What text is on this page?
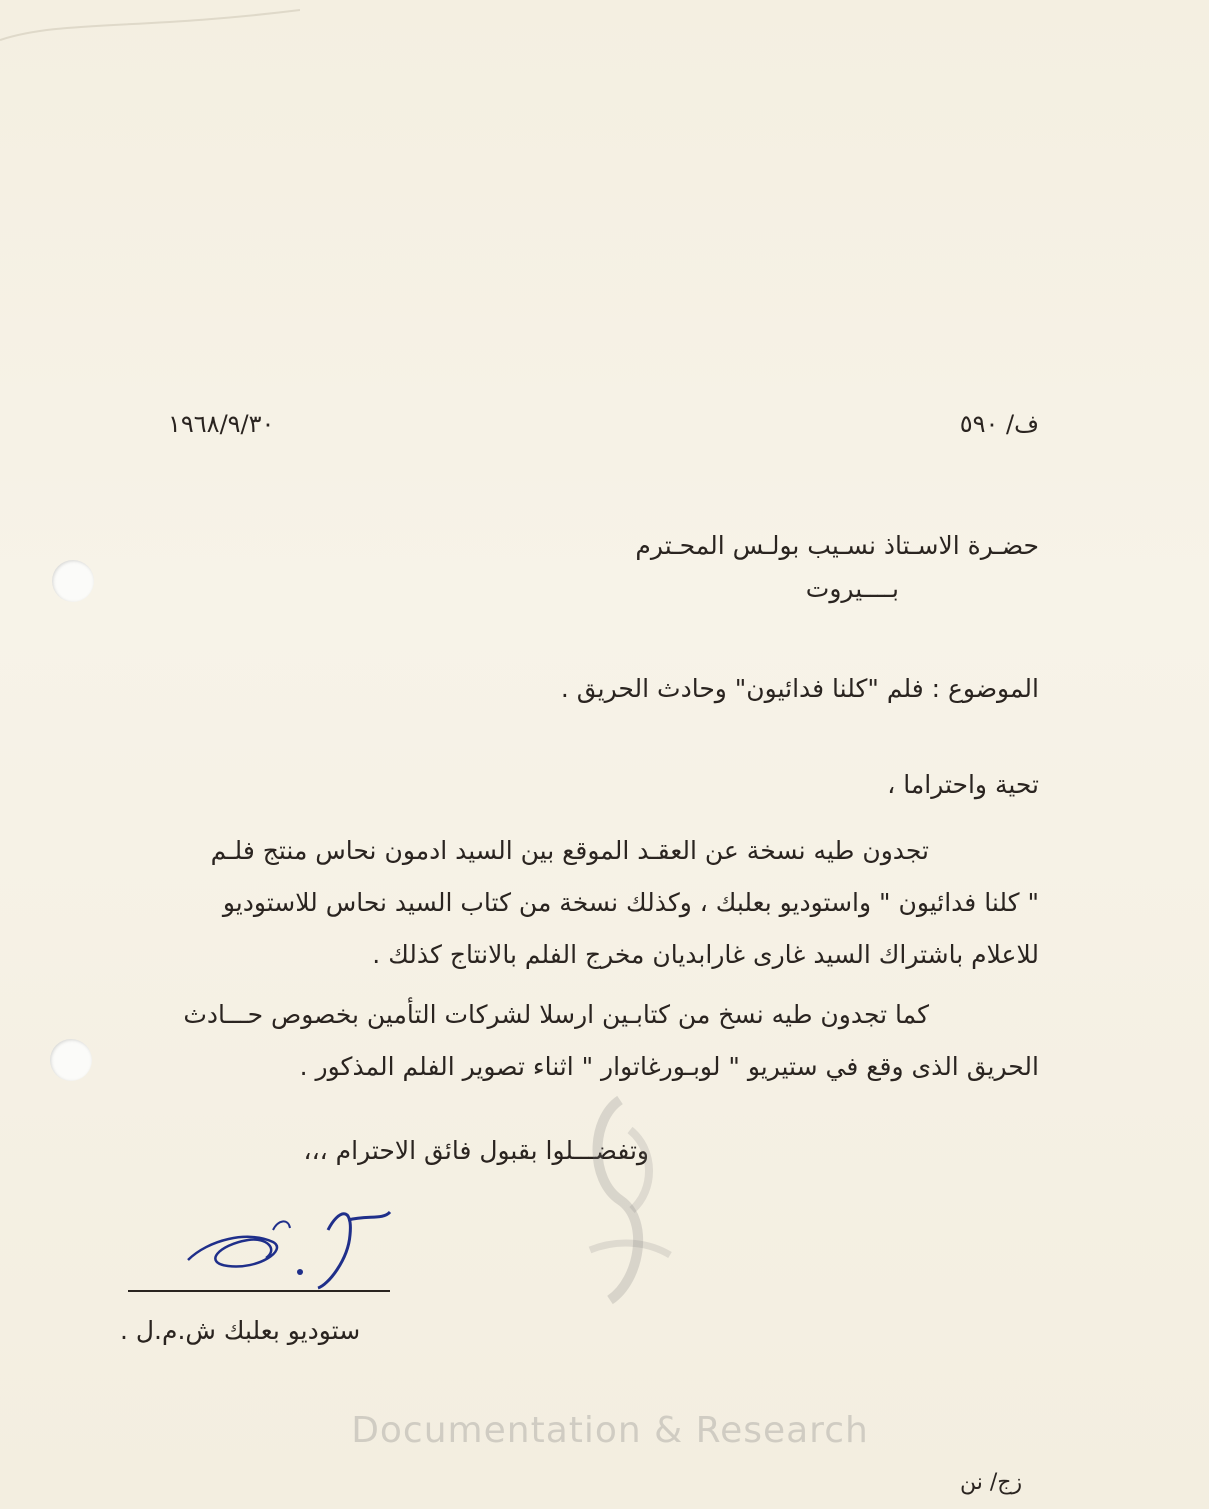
ف/ ٥٩٠
١٩٦٨/٩/٣٠
حضـرة الاسـتاذ نسـيب بولـس المحـترم
بــــيروت
الموضوع : فلم "كلنا فدائيون" وحادث الحريق .
تحية واحتراما ،
تجدون طيه نسخة عن العقـد الموقع بين السيد ادمون نحاس منتج فلـم
" كلنا فدائيون " واستوديو بعلبك ، وكذلك نسخة من كتاب السيد نحاس للاستوديو
للاعلام باشتراك السيد غارى غارابديان مخرج الفلم بالانتاج كذلك .
كما تجدون طيه نسخ من كتابـين ارسلا لشركات التأمين بخصوص حـــادث
الحريق الذى وقع في ستيريو " لوبـورغاتوار " اثناء تصوير الفلم المذكور .
وتفضـــلوا بقبول فائق الاحترام ،،،
ستوديو بعلبك ش.م.ل .
زج/ نن
Documentation & Research
